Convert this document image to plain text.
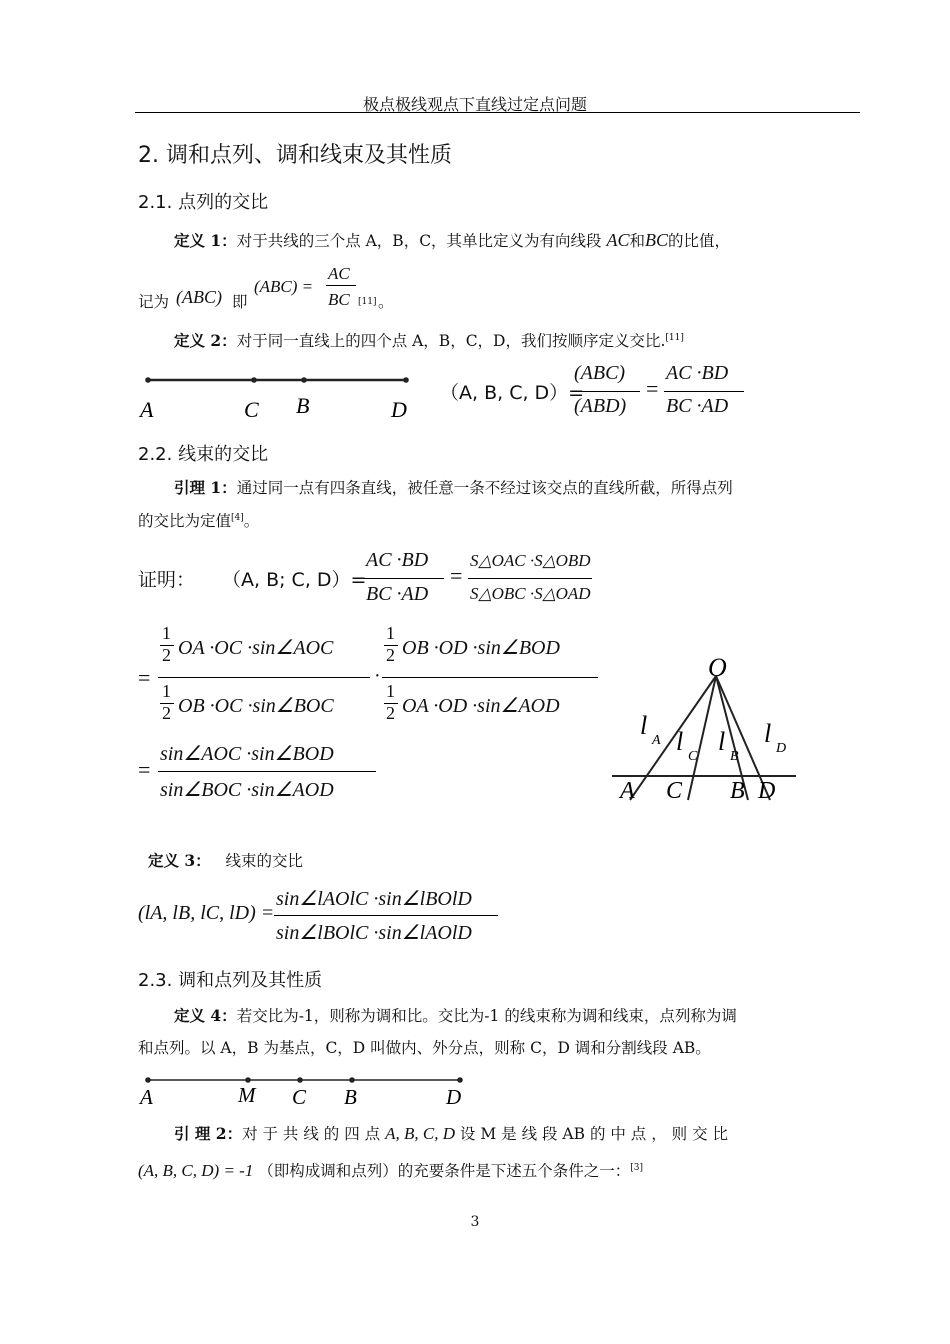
极点极线观点下直线过定点问题
2. 调和点列、调和线束及其性质
2.1. 点列的交比
定义 1：对于共线的三个点 A，B，C，其单比定义为有向线段 AC和BC的比值，
记为 (ABC) 即
(ABC) =
AC
BC [11] 。
定义 2：对于同一直线上的四个点 A，B，C，D，我们按顺序定义交比.[11]
A	C B	D
（A, B, C, D）=
(ABC)
(ABD)
=
AC ·BD
BC ·AD
2.2. 线束的交比
引理 1：通过同一点有四条直线，被任意一条不经过该交点的直线所截，所得点列
的交比为定值[4]。
证明： （A, B; C, D）=
AC ·BD
BC ·AD
=
S△OAC ·S△OBD
S△OBC ·S△OAD
=
1
2 OA ·OC ·sin∠AOC
1
2 OB ·OC ·sin∠BOC
·
1
2 OB ·OD ·sin∠BOD
1
2 OA ·OD ·sin∠AOD
=
sin∠AOC ·sin∠BOD
sin∠BOC ·sin∠AOD
O
l
A l
C
l
B
l
D
A C B D
定义 3： 线束的交比
(lA, lB, lC, lD) =
sin∠lAOlC ·sin∠lBOlD
sin∠lBOlC ·sin∠lAOlD
2.3. 调和点列及其性质
定义 4：若交比为-1，则称为调和比。交比为-1 的线束称为调和线束，点列称为调
和点列。以 A，B 为基点，C，D 叫做内、外分点，则称 C，D 调和分割线段 AB。
A	M C B	D
引 理 2：对 于 共 线 的 四 点 A, B, C, D 设 M 是 线 段 AB 的 中 点 ， 则 交 比
(A, B, C, D) = -1 （即构成调和点列）的充要条件是下述五个条件之一：[3]
3
